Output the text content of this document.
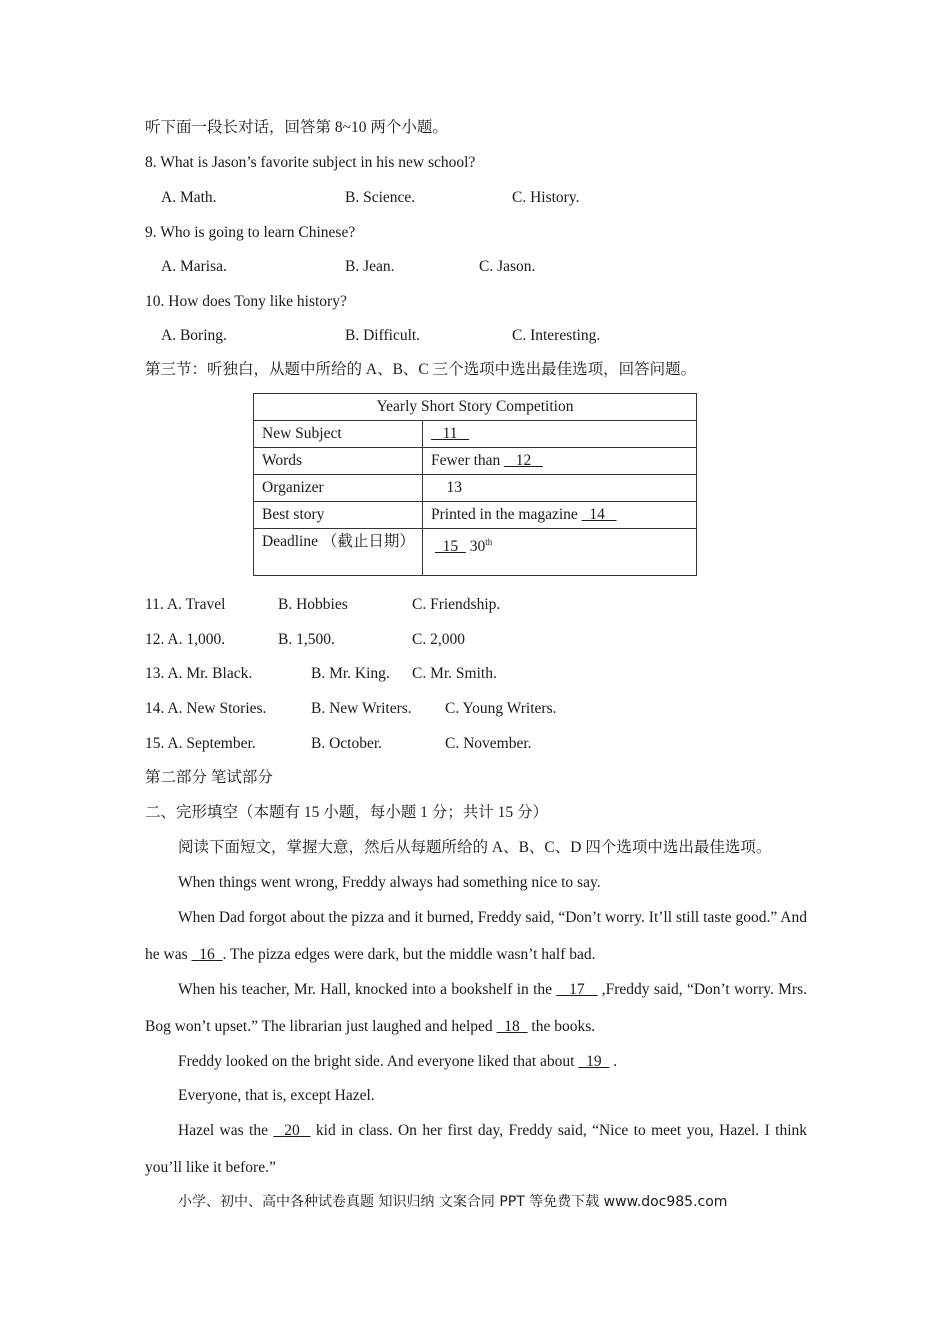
听下面一段长对话，回答第 8~10 两个小题。
8. What is Jason’s favorite subject in his new school?
A. Math.	B. Science.	C. History.
9. Who is going to learn Chinese?
A. Marisa.	B. Jean.	C. Jason.
10. How does Tony like history?
A. Boring.	B. Difficult.	C. Interesting.
第三节：听独白，从题中所给的 A、B、C 三个选项中选出最佳选项，回答问题。
Yearly Short Story Competition	
New Subject	11
Words	Fewer than    12
Organizer	13
Best story	Printed in the magazine   14
Deadline （截止日期）	15   30th
11. A. Travel	B. Hobbies	C. Friendship.
12. A. 1,000.	B. 1,500.	C. 2,000
13. A. Mr. Black.	B. Mr. King. C. Mr. Smith.
14. A. New Stories.	B. New Writers. C. Young Writers.
15. A. September.	B. October.	C. November.
第二部分 笔试部分
二、完形填空（本题有 15 小题，每小题 1 分；共计 15 分）
阅读下面短文，掌握大意，然后从每题所给的 A、B、C、D 四个选项中选出最佳选项。
When things went wrong, Freddy always had something nice to say.
When Dad forgot about the pizza and it burned, Freddy said, “Don’t worry. It’ll still taste good.” And he was   16 . The pizza edges were dark, but the middle wasn’t half bad.
When his teacher, Mr. Hall, knocked into a bookshelf in the    17    ,Freddy said, “Don’t worry. Mrs. Bog won’t upset.” The librarian just laughed and helped   18   the books.
Freddy looked on the bright side. And everyone liked that about   19   .
Everyone, that is, except Hazel.
Hazel was the   20   kid in class. On her first day, Freddy said, “Nice to meet you, Hazel. I think you’ll like it before.”
小学、初中、高中各种试卷真题 知识归纳 文案合同 PPT 等免费下载 www.doc985.com
